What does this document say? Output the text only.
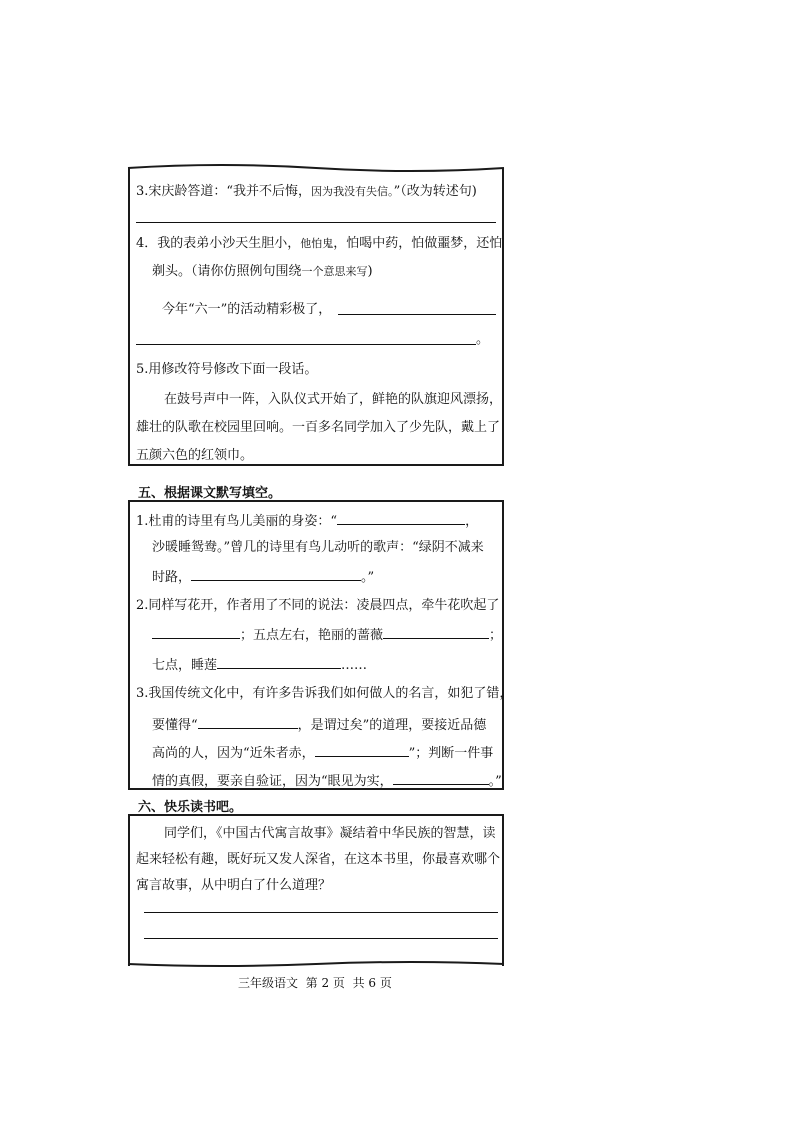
3.宋庆龄答道：“我并不后悔，因为我没有失信。”（改为转述句)
4．我的表弟小沙天生胆小，他怕鬼，怕喝中药，怕做噩梦，还怕
剃头。（请你仿照例句围绕一个意思来写)
今年“六一”的活动精彩极了，
。
5.用修改符号修改下面一段话。
在鼓号声中一阵，入队仪式开始了，鲜艳的队旗迎风漂扬，
雄壮的队歌在校园里回响。一百多名同学加入了少先队，戴上了
五颜六色的红领巾。
五、根据课文默写填空。
1.杜甫的诗里有鸟儿美丽的身姿：“	，
沙暖睡鸳鸯。”曾几的诗里有鸟儿动听的歌声：“绿阴不减来
时路，	。”
2.同样写花开，作者用了不同的说法：凌晨四点，牵牛花吹起了
；五点左右，艳丽的蔷薇	；
七点，睡莲	……
3.我国传统文化中，有许多告诉我们如何做人的名言，如犯了错，
要懂得“	，是谓过矣”的道理，要接近品德
高尚的人，因为“近朱者赤，	”；判断一件事
情的真假，要亲自验证，因为“眼见为实，	。”
六、快乐读书吧。
同学们，《中国古代寓言故事》凝结着中华民族的智慧，读
起来轻松有趣，既好玩又发人深省，在这本书里，你最喜欢哪个
寓言故事，从中明白了什么道理？
三年级语文 第 2 页 共 6 页
